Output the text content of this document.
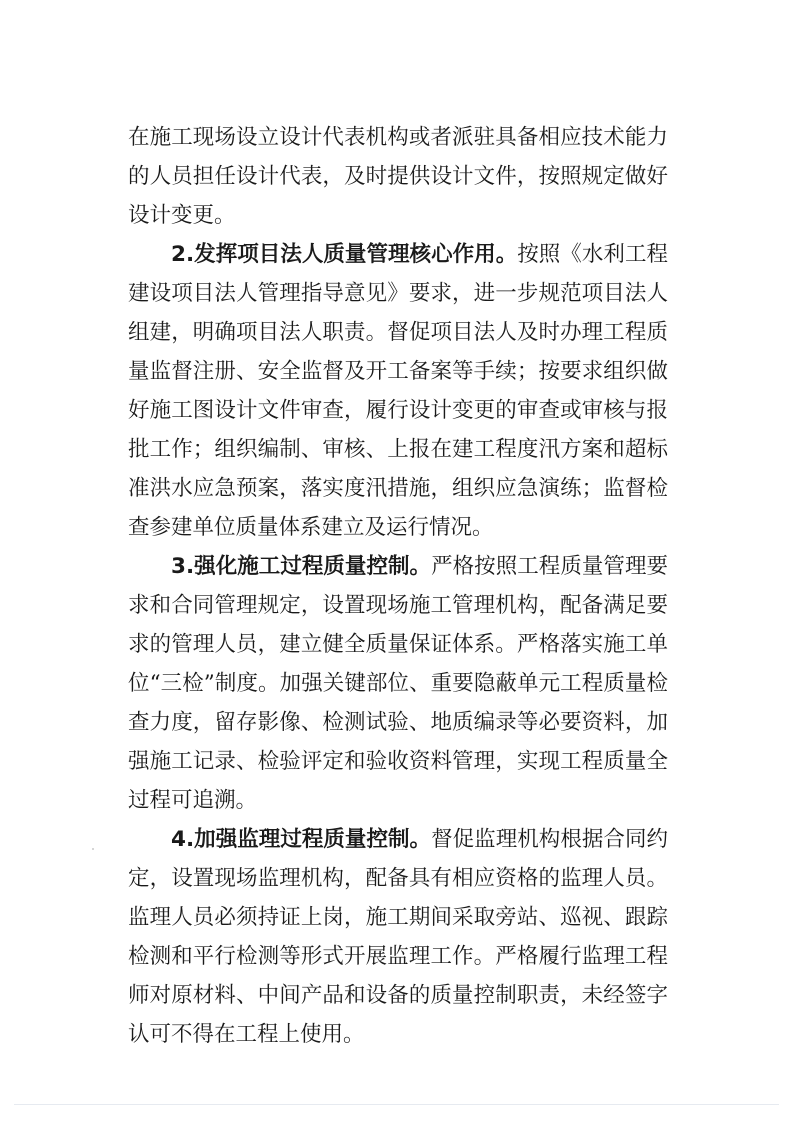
在施工现场设立设计代表机构或者派驻具备相应技术能力的人员担任设计代表，及时提供设计文件，按照规定做好设计变更。

2.发挥项目法人质量管理核心作用。按照《水利工程建设项目法人管理指导意见》要求，进一步规范项目法人组建，明确项目法人职责。督促项目法人及时办理工程质量监督注册、安全监督及开工备案等手续；按要求组织做好施工图设计文件审查，履行设计变更的审查或审核与报批工作；组织编制、审核、上报在建工程度汛方案和超标准洪水应急预案，落实度汛措施，组织应急演练；监督检查参建单位质量体系建立及运行情况。

3.强化施工过程质量控制。严格按照工程质量管理要求和合同管理规定，设置现场施工管理机构，配备满足要求的管理人员，建立健全质量保证体系。严格落实施工单位“三检”制度。加强关键部位、重要隐蔽单元工程质量检查力度，留存影像、检测试验、地质编录等必要资料，加强施工记录、检验评定和验收资料管理，实现工程质量全过程可追溯。

4.加强监理过程质量控制。督促监理机构根据合同约定，设置现场监理机构，配备具有相应资格的监理人员。监理人员必须持证上岗，施工期间采取旁站、巡视、跟踪检测和平行检测等形式开展监理工作。严格履行监理工程师对原材料、中间产品和设备的质量控制职责，未经签字认可不得在工程上使用。
